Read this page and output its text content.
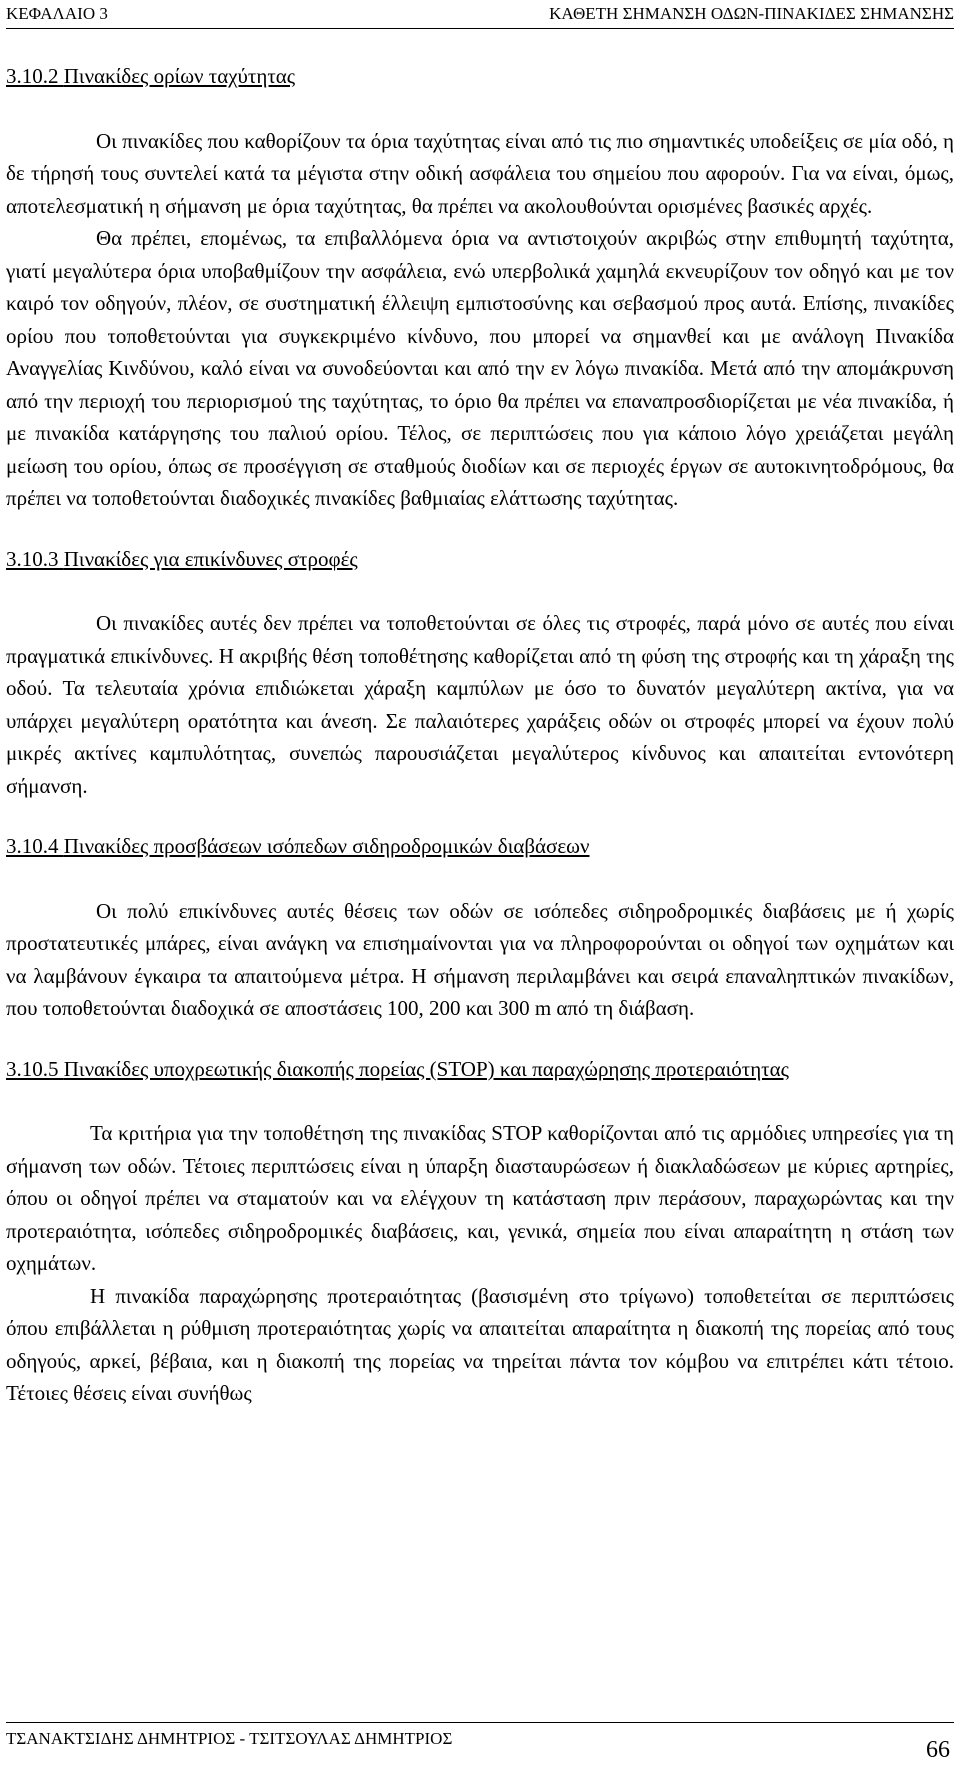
ΚΕΦΑΛΑΙΟ 3	ΚΑΘΕΤΗ ΣΗΜΑΝΣΗ ΟΔΩΝ-ΠΙΝΑΚΙΔΕΣ ΣΗΜΑΝΣΗΣ
3.10.2 Πινακίδες ορίων ταχύτητας

Οι πινακίδες που καθορίζουν τα όρια ταχύτητας είναι από τις πιο σημαντικές υποδείξεις σε μία οδό, η δε τήρησή τους συντελεί κατά τα μέγιστα στην οδική ασφάλεια του σημείου που αφορούν. Για να είναι, όμως, αποτελεσματική η σήμανση με όρια ταχύτητας, θα πρέπει να ακολουθούνται ορισμένες βασικές αρχές.

Θα πρέπει, επομένως, τα επιβαλλόμενα όρια να αντιστοιχούν ακριβώς στην επιθυμητή ταχύτητα, γιατί μεγαλύτερα όρια υποβαθμίζουν την ασφάλεια, ενώ υπερβολικά χαμηλά εκνευρίζουν τον οδηγό και με τον καιρό τον οδηγούν, πλέον, σε συστηματική έλλειψη εμπιστοσύνης και σεβασμού προς αυτά. Επίσης, πινακίδες ορίου που τοποθετούνται για συγκεκριμένο κίνδυνο, που μπορεί να σημανθεί και με ανάλογη Πινακίδα Αναγγελίας Κινδύνου, καλό είναι να συνοδεύονται και από την εν λόγω πινακίδα. Μετά από την απομάκρυνση από την περιοχή του περιορισμού της ταχύτητας, το όριο θα πρέπει να επαναπροσδιορίζεται με νέα πινακίδα, ή με πινακίδα κατάργησης του παλιού ορίου. Τέλος, σε περιπτώσεις που για κάποιο λόγο χρειάζεται μεγάλη μείωση του ορίου, όπως σε προσέγγιση σε σταθμούς διοδίων και σε περιοχές έργων σε αυτοκινητοδρόμους, θα πρέπει να τοποθετούνται διαδοχικές πινακίδες βαθμιαίας ελάττωσης ταχύτητας.

3.10.3 Πινακίδες για επικίνδυνες στροφές

Οι πινακίδες αυτές δεν πρέπει να τοποθετούνται σε όλες τις στροφές, παρά μόνο σε αυτές που είναι πραγματικά επικίνδυνες. Η ακριβής θέση τοποθέτησης καθορίζεται από τη φύση της στροφής και τη χάραξη της οδού. Τα τελευταία χρόνια επιδιώκεται χάραξη καμπύλων με όσο το δυνατόν μεγαλύτερη ακτίνα, για να υπάρχει μεγαλύτερη ορατότητα και άνεση. Σε παλαιότερες χαράξεις οδών οι στροφές μπορεί να έχουν πολύ μικρές ακτίνες καμπυλότητας, συνεπώς παρουσιάζεται μεγαλύτερος κίνδυνος και απαιτείται εντονότερη σήμανση.

3.10.4 Πινακίδες προσβάσεων ισόπεδων σιδηροδρομικών διαβάσεων

Οι πολύ επικίνδυνες αυτές θέσεις των οδών σε ισόπεδες σιδηροδρομικές διαβάσεις με ή χωρίς προστατευτικές μπάρες, είναι ανάγκη να επισημαίνονται για να πληροφορούνται οι οδηγοί των οχημάτων και να λαμβάνουν έγκαιρα τα απαιτούμενα μέτρα. Η σήμανση περιλαμβάνει και σειρά επαναληπτικών πινακίδων, που τοποθετούνται διαδοχικά σε αποστάσεις 100, 200 και 300 m από τη διάβαση.

3.10.5 Πινακίδες υποχρεωτικής διακοπής πορείας (STOP) και παραχώρησης προτεραιότητας

Τα κριτήρια για την τοποθέτηση της πινακίδας STOP καθορίζονται από τις αρμόδιες υπηρεσίες για τη σήμανση των οδών. Τέτοιες περιπτώσεις είναι η ύπαρξη διασταυρώσεων ή διακλαδώσεων με κύριες αρτηρίες, όπου οι οδηγοί πρέπει να σταματούν και να ελέγχουν τη κατάσταση πριν περάσουν, παραχωρώντας και την προτεραιότητα, ισόπεδες σιδηροδρομικές διαβάσεις, και, γενικά, σημεία που είναι απαραίτητη η στάση των οχημάτων.

Η πινακίδα παραχώρησης προτεραιότητας (βασισμένη στο τρίγωνο) τοποθετείται σε περιπτώσεις όπου επιβάλλεται η ρύθμιση προτεραιότητας χωρίς να απαιτείται απαραίτητα η διακοπή της πορείας από τους οδηγούς, αρκεί, βέβαια, και η διακοπή της πορείας να τηρείται πάντα τον κόμβου να επιτρέπει κάτι τέτοιο. Τέτοιες θέσεις είναι συνήθως

ΤΣΑΝΑΚΤΣΙΔΗΣ ΔΗΜΗΤΡΙΟΣ - ΤΣΙΤΣΟΥΛΑΣ ΔΗΜΗΤΡΙΟΣ	66
